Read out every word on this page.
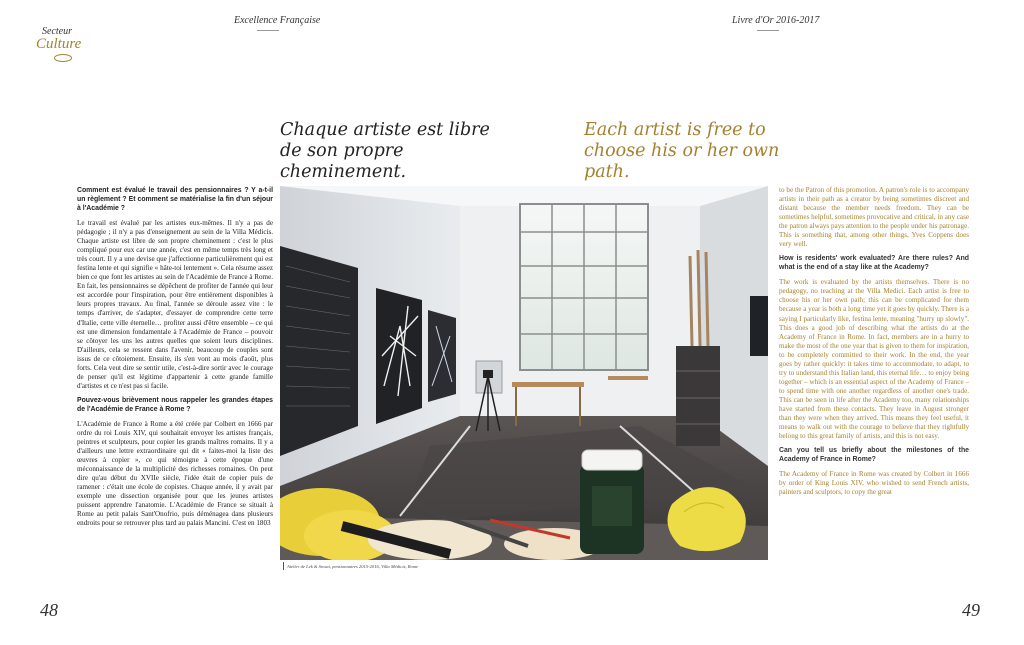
Excellence Française	Livre d'Or 2016-2017
Secteur
Culture
Chaque artiste est libre de son propre cheminement.
Each artist is free to choose his or her own path.

Comment est évalué le travail des pensionnaires ? Y a-t-il un règlement ? Et comment se matérialise la fin d'un séjour à l'Académie ?

Le travail est évalué par les artistes eux-mêmes. Il n'y a pas de pédagogie ; il n'y a pas d'enseignement au sein de la Villa Médicis. Chaque artiste est libre de son propre cheminement : c'est le plus compliqué pour eux car une année, c'est en même temps très long et très court. Il y a une devise que j'affectionne particulièrement qui est festina lente et qui signifie « hâte-toi lentement ». Cela résume assez bien ce que font les artistes au sein de l'Académie de France à Rome. En fait, les pensionnaires se dépêchent de profiter de l'année qui leur est accordée pour l'inspiration, pour être entièrement disponibles à leurs propres travaux. Au final, l'année se déroule assez vite : le temps d'arriver, de s'adapter, d'essayer de comprendre cette terre d'Italie, cette ville éternelle… profiter aussi d'être ensemble – ce qui est une dimension fondamentale à l'Académie de France – pouvoir se côtoyer les uns les autres quelles que soient leurs disciplines. D'ailleurs, cela se ressent dans l'avenir, beaucoup de couples sont issus de ce côtoiement. Ensuite, ils s'en vont au mois d'août, plus forts. Cela veut dire se sentir utile, c'est-à-dire sortir avec le courage de penser qu'il est légitime d'appartenir à cette grande famille d'artistes et ce n'est pas si facile.

Pouvez-vous brièvement nous rappeler les grandes étapes de l'Académie de France à Rome ?

L'Académie de France à Rome a été créée par Colbert en 1666 par ordre du roi Louis XIV, qui souhaitait envoyer les artistes français, peintres et sculpteurs, pour copier les grands maîtres romains. Il y a d'ailleurs une lettre extraordinaire qui dit « faites-moi la liste des œuvres à copier », ce qui témoigne à cette époque d'une méconnaissance de la multiplicité des richesses romaines. On peut dire qu'au début du XVIIe siècle, l'idée était de copier puis de ramener : c'était une école de copistes. Chaque année, il y avait par exemple une dissection organisée pour que les jeunes artistes puissent apprendre l'anatomie. L'Académie de France se situait à Rome au petit palais Sant'Onofrio, puis déménagea dans plusieurs endroits pour se retrouver plus tard au palais Mancini. C'est en 1803

Atelier de Lek & Sowat, pensionnaires 2015-2016, Villa Médicis, Rome

to be the Patron of this promotion. A patron's role is to accompany artists in their path as a creator by being sometimes discreet and distant because the member needs freedom. They can be sometimes helpful, sometimes provocative and critical, in any case the patron always pays attention to the people under his patronage. This is something that, among other things, Yves Coppens does very well.

How is residents' work evaluated? Are there rules? And what is the end of a stay like at the Academy?

The work is evaluated by the artists themselves. There is no pedagogy, no teaching at the Villa Medici. Each artist is free to choose his or her own path; this can be complicated for them because a year is both a long time yet it goes by quickly. There is a saying I particularly like, festina lente, meaning "hurry up slowly". This does a good job of describing what the artists do at the Academy of France in Rome. In fact, members are in a hurry to make the most of the one year that is given to them for inspiration, to be completely committed to their work. In the end, the year goes by rather quickly: it takes time to accommodate, to adapt, to try to understand this Italian land, this eternal life… to enjoy being together – which is an essential aspect of the Academy of France – to spend time with one another regardless of another one's trade. This can be seen in life after the Academy too, many relationships have started from these contacts. They leave in August stronger than they were when they arrived. This means they feel useful, it means to walk out with the courage to believe that they rightfully belong to this great family of artists, and this is not easy.

Can you tell us briefly about the milestones of the Academy of France in Rome?

The Academy of France in Rome was created by Colbert in 1666 by order of King Louis XIV, who wished to send French artists, painters and sculptors, to copy the great

48	49
